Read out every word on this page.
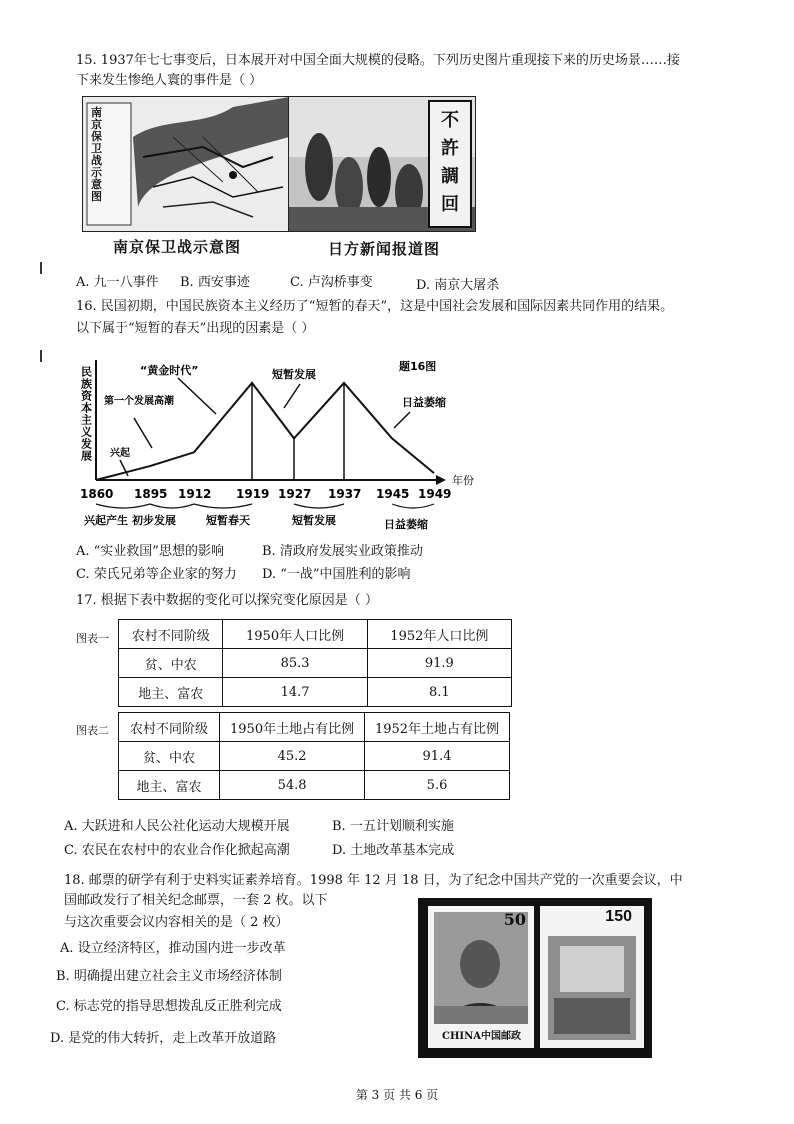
15. 1937年七七事变后，日本展开对中国全面大规模的侵略。下列历史图片重现接下来的历史场景……接
下来发生惨绝人寰的事件是（ ）
南京保卫战示意图
不許調回
南京保卫战示意图	日方新闻报道图
A. 九一八事件 B. 西安事迹	C. 卢沟桥事变	D. 南京大屠杀
16. 民国初期，中国民族资本主义经历了“短暂的春天”，这是中国社会发展和国际因素共同作用的结果。
以下属于“短暂的春天”出现的因素是（ ）
民族资本主义发展
年份
题16图
1860 1895 1912 1919 1927 1937 1945 1949
“黄金时代”	短暂发展
日益萎缩
第一个发展高潮
兴起
兴起产生 初步发展	短暂春天	短暂发展	日益萎缩
A. “实业救国”思想的影响	B. 清政府发展实业政策推动
C. 荣氏兄弟等企业家的努力 D. “一战”中国胜利的影响
17. 根据下表中数据的变化可以探究变化原因是（ ）
图表一 农村不同阶级	1950年人口比例	1952年人口比例
贫、中农	85.3	91.9
地主、富农	14.7	8.1
图表二 农村不同阶级	1950年土地占有比例	1952年土地占有比例
贫、中农	45.2	91.4
地主、富农	54.8	5.6
A. 大跃进和人民公社化运动大规模开展	B. 一五计划顺利实施
C. 农民在农村中的农业合作化掀起高潮	D. 土地改革基本完成
18. 邮票的研学有利于史料实证素养培育。1998 年 12 月 18 日，为了纪念中国共产党的一次重要会议，中
国邮政发行了相关纪念邮票，一套 2 枚。以下
与这次重要会议内容相关的是（ 2 枚）
A. 设立经济特区，推动国内进一步改革
B. 明确提出建立社会主义市场经济体制
C. 标志党的指导思想拨乱反正胜利完成
D. 是党的伟大转折，走上改革开放道路
50
CHINA中国邮政
150
第 3 页 共 6 页
